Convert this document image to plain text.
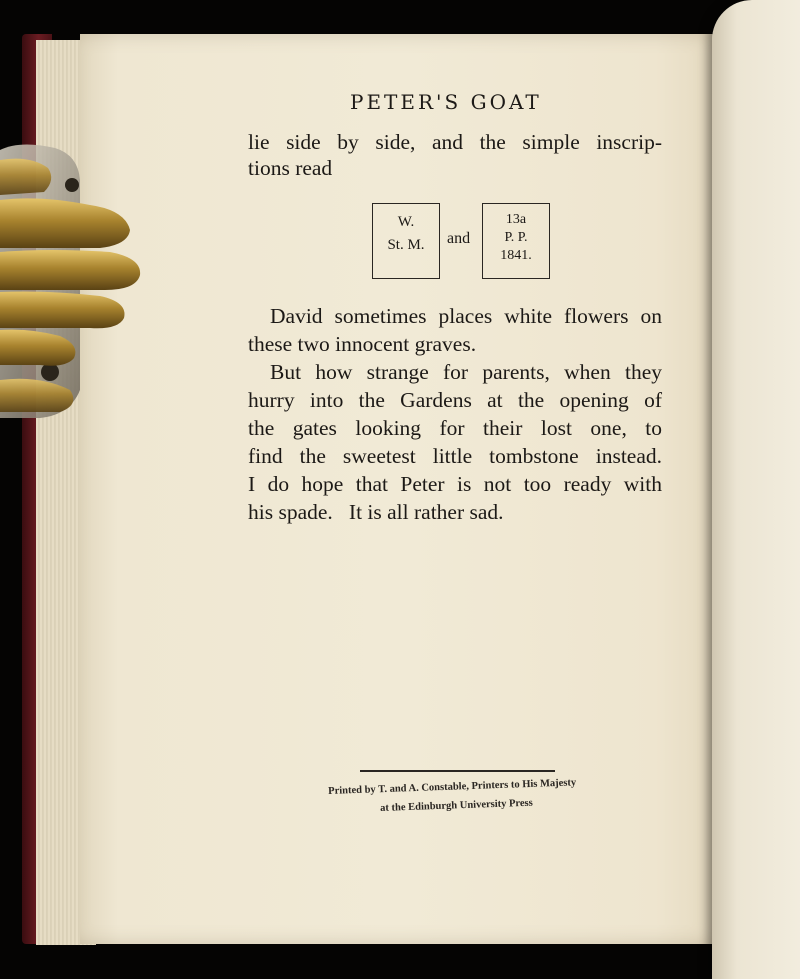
PETER'S GOAT
lie side by side, and the simple inscrip-
tions read
W.
St. M.	and
13a
P. P.
1841.
David sometimes places white flowers on
these two innocent graves.
But how strange for parents, when they
hurry into the Gardens at the opening of
the gates looking for their lost one, to
find the sweetest little tombstone instead.
I do hope that Peter is not too ready with
his spade.   It is all rather sad.
Printed by T. and A. Constable, Printers to His Majesty
at the Edinburgh University Press
